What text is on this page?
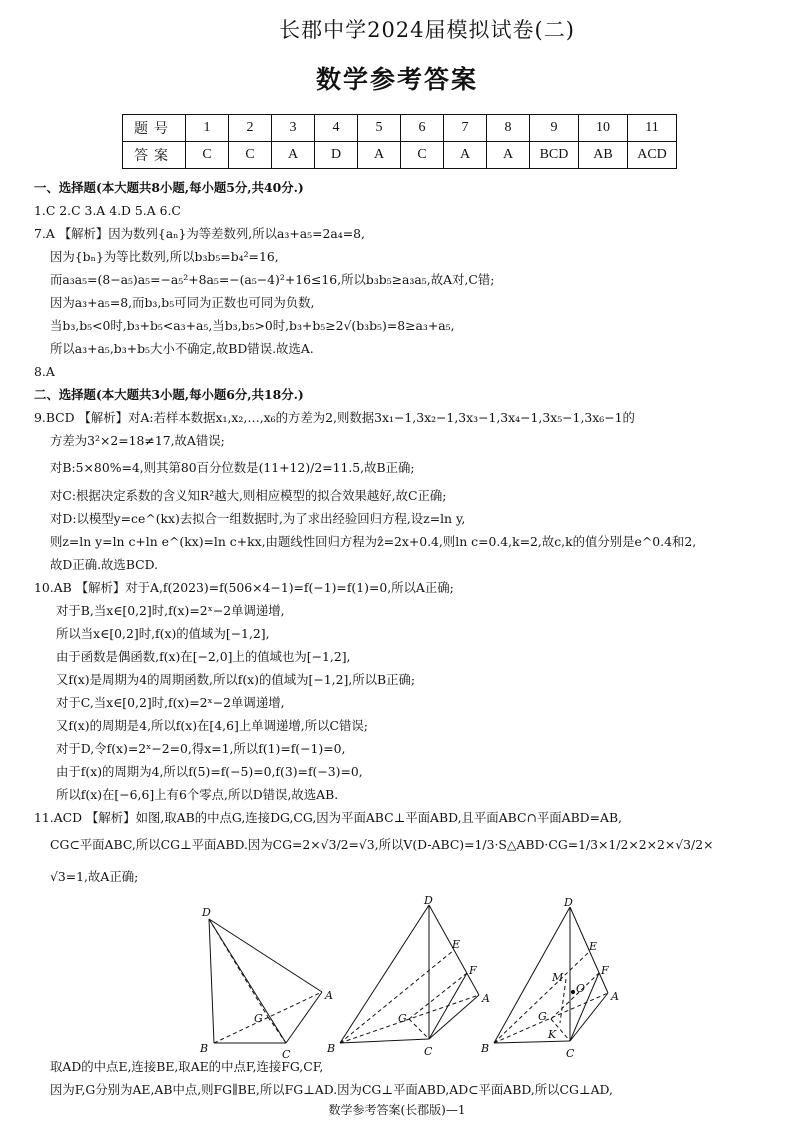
长郡中学2024届模拟试卷(二)
数学参考答案
题号	1	2	3	4	5	6	7	8	9	10	11
答案	C	C	A	D	A	C	A	A	BCD	AB	ACD
一、选择题(本大题共8小题,每小题5分,共40分.)
1.C 2.C 3.A 4.D 5.A 6.C
7.A 【解析】因为数列{aₙ}为等差数列,所以a₃+a₅=2a₄=8,
因为{bₙ}为等比数列,所以b₃b₅=b₄²=16,
而a₃a₅=(8−a₅)a₅=−a₅²+8a₅=−(a₅−4)²+16≤16,所以b₃b₅≥a₃a₅,故A对,C错;
因为a₃+a₅=8,而b₃,b₅可同为正数也可同为负数,
当b₃,b₅<0时,b₃+b₅<a₃+a₅,当b₃,b₅>0时,b₃+b₅≥2√(b₃b₅)=8≥a₃+a₅,
所以a₃+a₅,b₃+b₅大小不确定,故BD错误.故选A.
8.A
二、选择题(本大题共3小题,每小题6分,共18分.)
9.BCD 【解析】对A:若样本数据x₁,x₂,…,x₆的方差为2,则数据3x₁−1,3x₂−1,3x₃−1,3x₄−1,3x₅−1,3x₆−1的
方差为3²×2=18≠17,故A错误;
对B:5×80%=4,则其第80百分位数是(11+12)/2=11.5,故B正确;
对C:根据决定系数的含义知R²越大,则相应模型的拟合效果越好,故C正确;
对D:以模型y=ce^(kx)去拟合一组数据时,为了求出经验回归方程,设z=ln y,
则z=ln y=ln c+ln e^(kx)=ln c+kx,由题线性回归方程为ẑ=2x+0.4,则ln c=0.4,k=2,故c,k的值分别是e^0.4和2,
故D正确.故选BCD.
10.AB 【解析】对于A,f(2023)=f(506×4−1)=f(−1)=f(1)=0,所以A正确;
对于B,当x∈[0,2]时,f(x)=2ˣ−2单调递增,
所以当x∈[0,2]时,f(x)的值域为[−1,2],
由于函数是偶函数,f(x)在[−2,0]上的值域也为[−1,2],
又f(x)是周期为4的周期函数,所以f(x)的值域为[−1,2],所以B正确;
对于C,当x∈[0,2]时,f(x)=2ˣ−2单调递增,
又f(x)的周期是4,所以f(x)在[4,6]上单调递增,所以C错误;
对于D,令f(x)=2ˣ−2=0,得x=1,所以f(1)=f(−1)=0,
由于f(x)的周期为4,所以f(5)=f(−5)=0,f(3)=f(−3)=0,
所以f(x)在[−6,6]上有6个零点,所以D错误,故选AB.
11.ACD 【解析】如图,取AB的中点G,连接DG,CG,因为平面ABC⊥平面ABD,且平面ABC∩平面ABD=AB,
CG⊂平面ABC,所以CG⊥平面ABD.因为CG=2×√3/2=√3,所以V(D-ABC)=1/3·S△ABD·CG=1/3×1/2×2×2×√3/2×
√3=1,故A正确;
D
A
G
B	C
D
E
F
A
G
B	C
D
E
F
M
O
A
G
K
B	C
取AD的中点E,连接BE,取AE的中点F,连接FG,CF,
因为F,G分别为AE,AB中点,则FG∥BE,所以FG⊥AD.因为CG⊥平面ABD,AD⊂平面ABD,所以CG⊥AD,
数学参考答案(长郡版)—1
